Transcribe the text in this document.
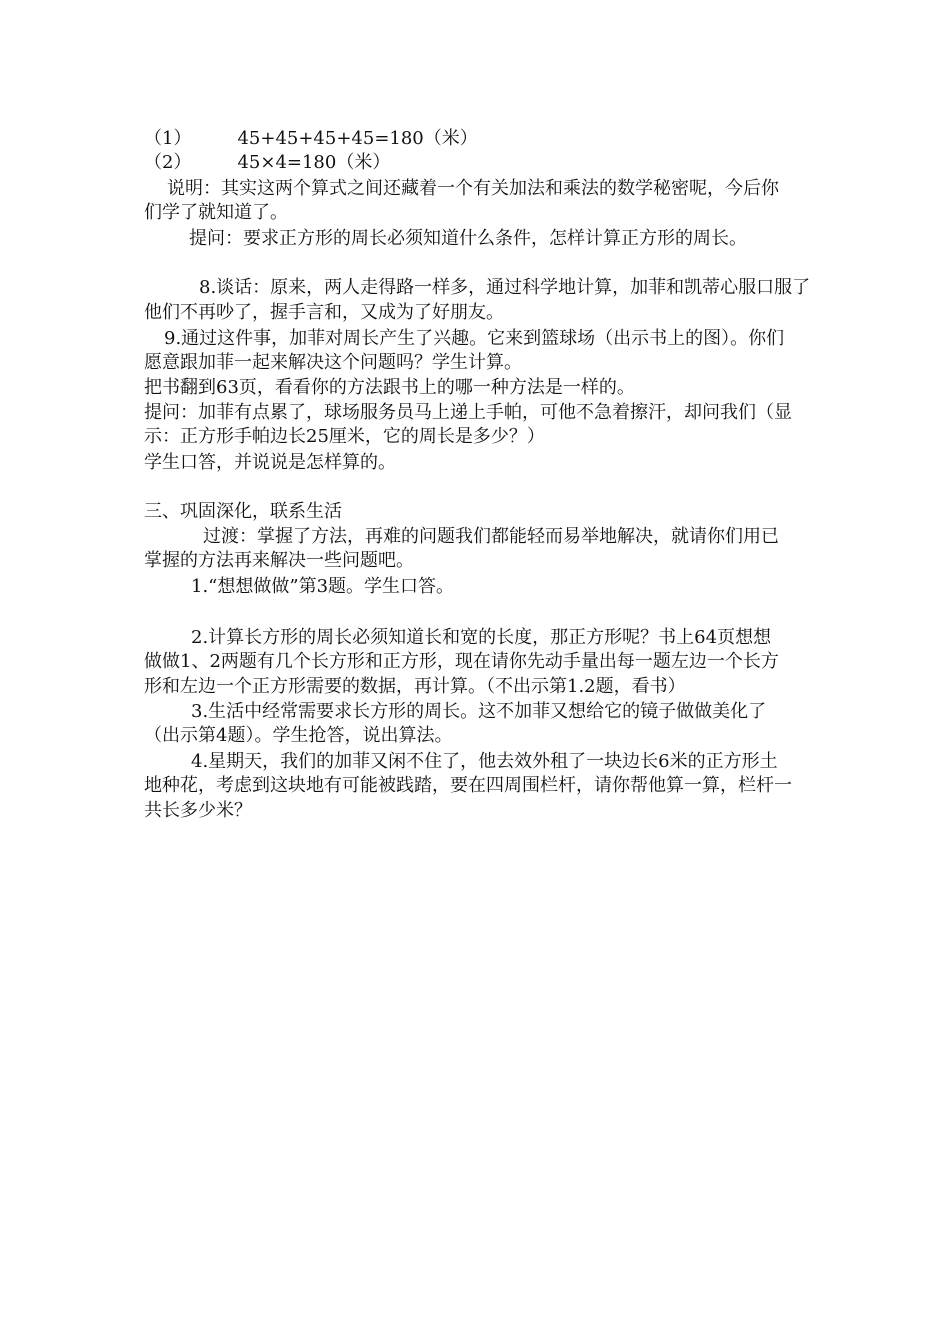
（1）	45+45+45+45=180（米）
（2）	45×4=180（米）
说明：其实这两个算式之间还藏着一个有关加法和乘法的数学秘密呢，今后你
们学了就知道了。
提问：要求正方形的周长必须知道什么条件，怎样计算正方形的周长。
8.谈话：原来，两人走得路一样多，通过科学地计算，加菲和凯蒂心服口服了
他们不再吵了，握手言和，又成为了好朋友。
9.通过这件事，加菲对周长产生了兴趣。它来到篮球场（出示书上的图）。你们
愿意跟加菲一起来解决这个问题吗？学生计算。
把书翻到63页，看看你的方法跟书上的哪一种方法是一样的。
提问：加菲有点累了，球场服务员马上递上手帕，可他不急着擦汗，却问我们（显
示：正方形手帕边长25厘米，它的周长是多少？）
学生口答，并说说是怎样算的。
三、巩固深化，联系生活
过渡：掌握了方法，再难的问题我们都能轻而易举地解决，就请你们用已
掌握的方法再来解决一些问题吧。
1.“想想做做”第3题。学生口答。
2.计算长方形的周长必须知道长和宽的长度，那正方形呢？书上64页想想
做做1、2两题有几个长方形和正方形，现在请你先动手量出每一题左边一个长方
形和左边一个正方形需要的数据，再计算。（不出示第1.2题，看书）
3.生活中经常需要求长方形的周长。这不加菲又想给它的镜子做做美化了
（出示第4题）。学生抢答，说出算法。
4.星期天，我们的加菲又闲不住了，他去效外租了一块边长6米的正方形土
地种花，考虑到这块地有可能被践踏，要在四周围栏杆，请你帮他算一算，栏杆一
共长多少米？
